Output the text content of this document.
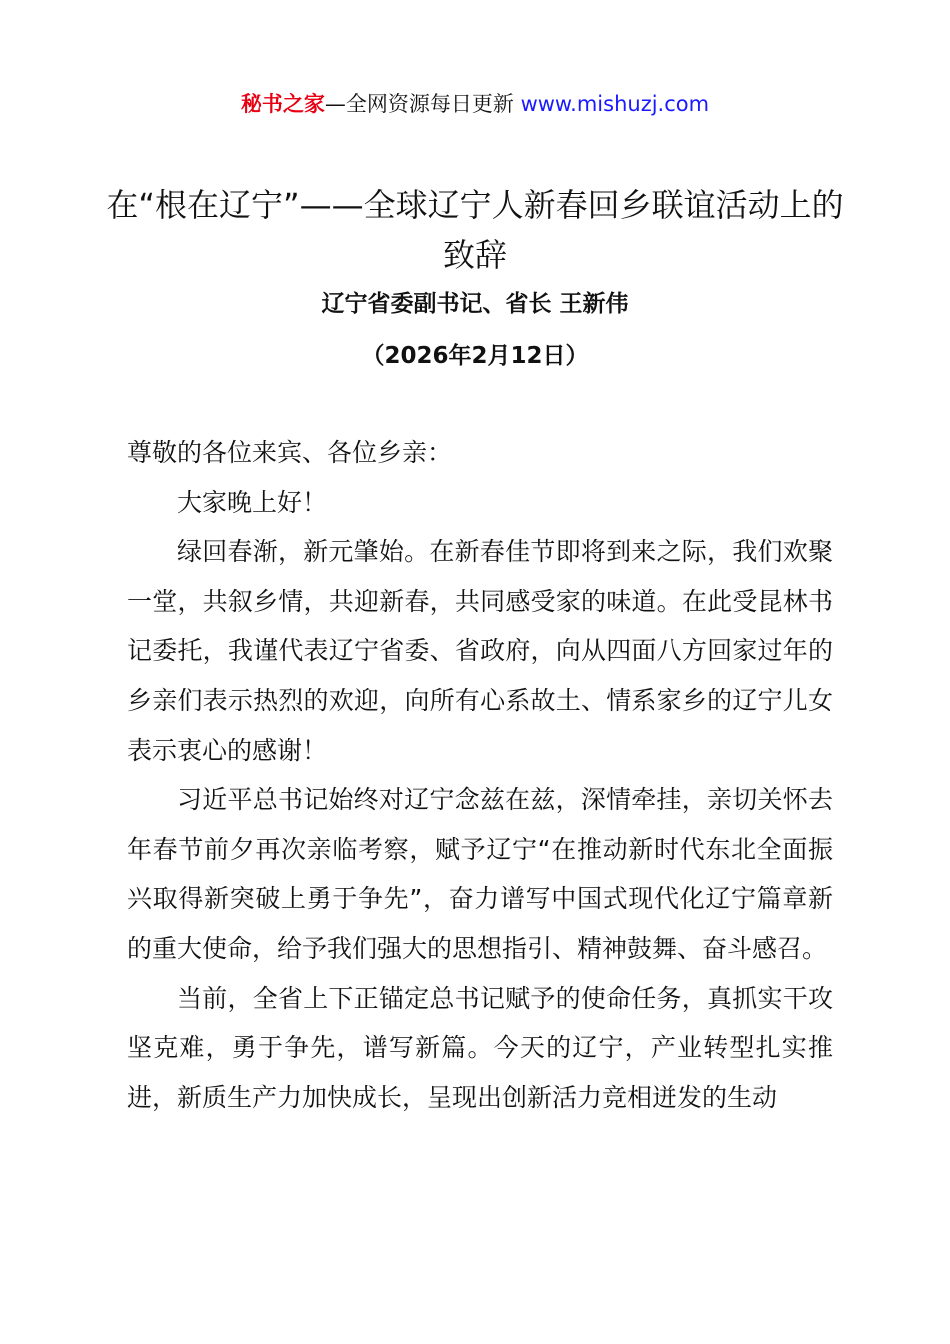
秘书之家—全网资源每日更新 www.mishuzj.com
在“根在辽宁”——全球辽宁人新春回乡联谊活动上的致辞
辽宁省委副书记、省长 王新伟
（2026年2月12日）

尊敬的各位来宾、各位乡亲：

大家晚上好！

绿回春渐，新元肇始。在新春佳节即将到来之际，我们欢聚一堂，共叙乡情，共迎新春，共同感受家的味道。在此受昆林书记委托，我谨代表辽宁省委、省政府，向从四面八方回家过年的乡亲们表示热烈的欢迎，向所有心系故土、情系家乡的辽宁儿女表示衷心的感谢！

习近平总书记始终对辽宁念兹在兹，深情牵挂，亲切关怀去年春节前夕再次亲临考察，赋予辽宁“在推动新时代东北全面振兴取得新突破上勇于争先”，奋力谱写中国式现代化辽宁篇章新的重大使命，给予我们强大的思想指引、精神鼓舞、奋斗感召。

当前，全省上下正锚定总书记赋予的使命任务，真抓实干攻坚克难，勇于争先，谱写新篇。今天的辽宁，产业转型扎实推进，新质生产力加快成长，呈现出创新活力竞相迸发的生动
